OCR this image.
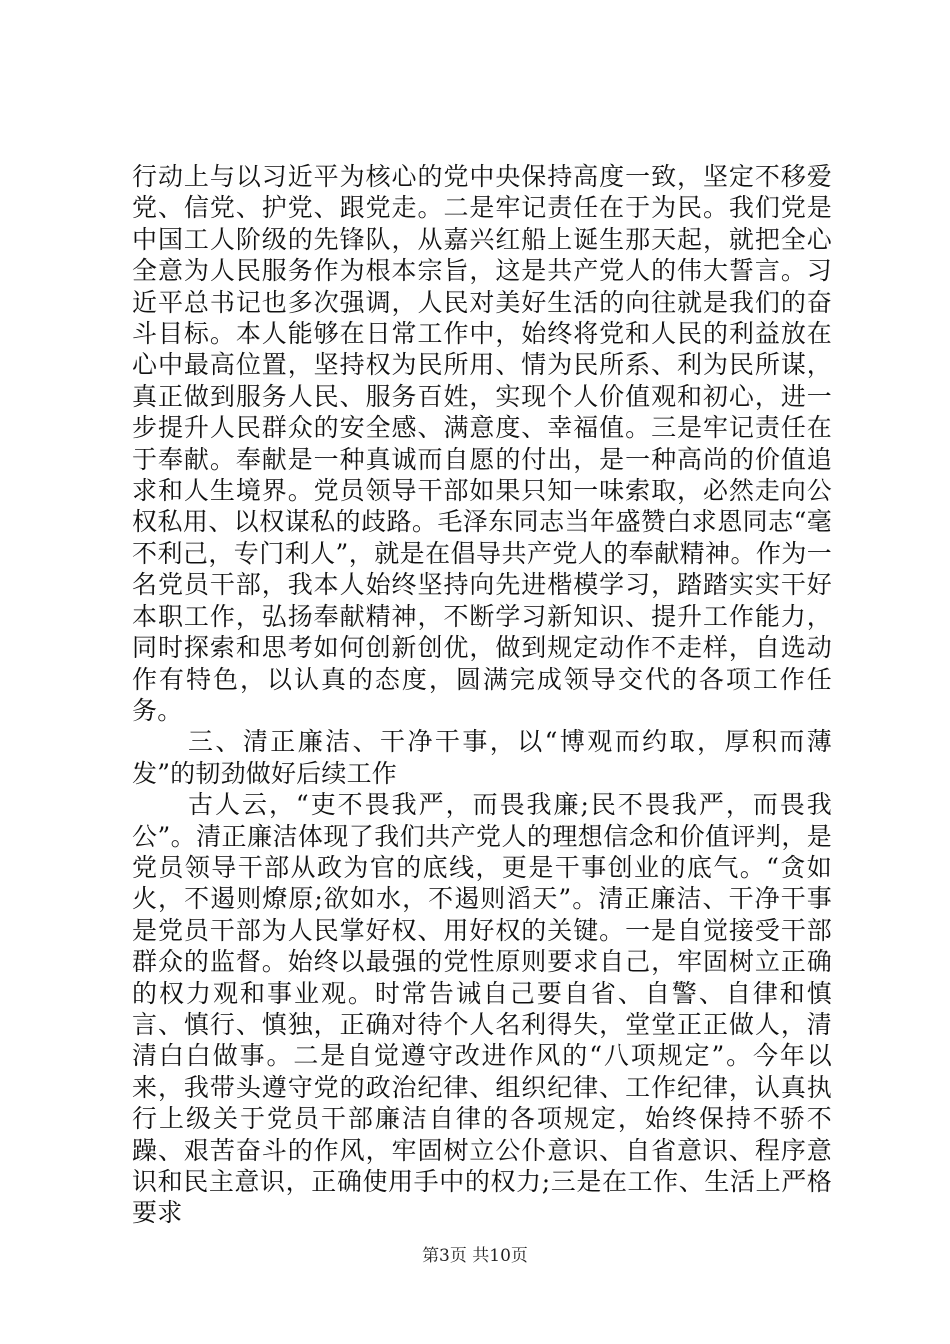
行动上与以习近平为核心的党中央保持高度一致，坚定不移爱党、信党、护党、跟党走。二是牢记责任在于为民。我们党是中国工人阶级的先锋队，从嘉兴红船上诞生那天起，就把全心全意为人民服务作为根本宗旨，这是共产党人的伟大誓言。习近平总书记也多次强调，人民对美好生活的向往就是我们的奋斗目标。本人能够在日常工作中，始终将党和人民的利益放在心中最高位置，坚持权为民所用、情为民所系、利为民所谋，真正做到服务人民、服务百姓，实现个人价值观和初心，进一步提升人民群众的安全感、满意度、幸福值。三是牢记责任在于奉献。奉献是一种真诚而自愿的付出，是一种高尚的价值追求和人生境界。党员领导干部如果只知一味索取，必然走向公权私用、以权谋私的歧路。毛泽东同志当年盛赞白求恩同志“毫不利己，专门利人”，就是在倡导共产党人的奉献精神。作为一名党员干部，我本人始终坚持向先进楷模学习，踏踏实实干好本职工作，弘扬奉献精神，不断学习新知识、提升工作能力，同时探索和思考如何创新创优，做到规定动作不走样，自选动作有特色，以认真的态度，圆满完成领导交代的各项工作任务。

三、清正廉洁、干净干事，以“博观而约取，厚积而薄发”的韧劲做好后续工作

古人云，“吏不畏我严，而畏我廉;民不畏我严，而畏我公”。清正廉洁体现了我们共产党人的理想信念和价值评判，是党员领导干部从政为官的底线，更是干事创业的底气。“贪如火，不遏则燎原;欲如水，不遏则滔天”。清正廉洁、干净干事是党员干部为人民掌好权、用好权的关键。一是自觉接受干部群众的监督。始终以最强的党性原则要求自己，牢固树立正确的权力观和事业观。时常告诫自己要自省、自警、自律和慎言、慎行、慎独，正确对待个人名利得失，堂堂正正做人，清清白白做事。二是自觉遵守改进作风的“八项规定”。今年以来，我带头遵守党的政治纪律、组织纪律、工作纪律，认真执行上级关于党员干部廉洁自律的各项规定，始终保持不骄不躁、艰苦奋斗的作风，牢固树立公仆意识、自省意识、程序意识和民主意识，正确使用手中的权力;三是在工作、生活上严格要求

第3页 共10页
